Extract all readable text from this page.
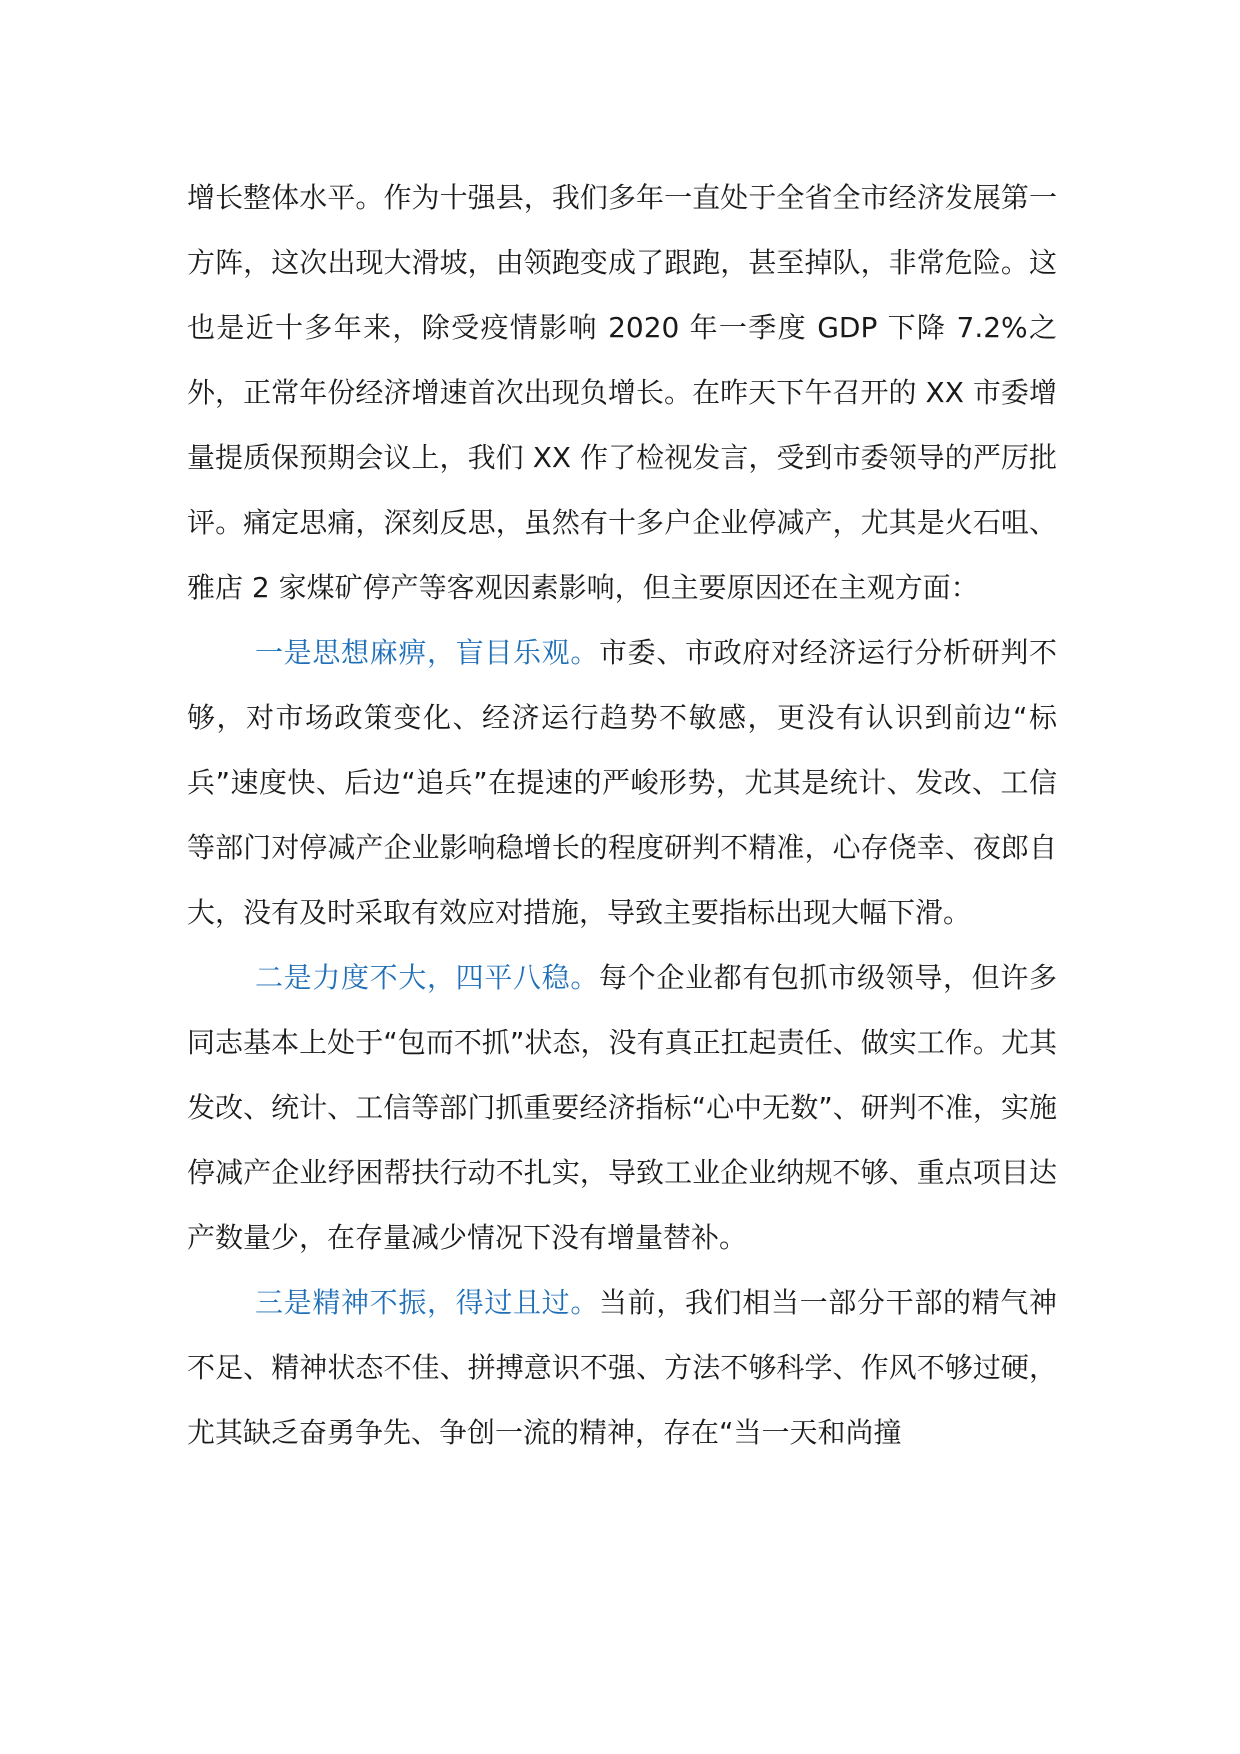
增长整体水平。作为十强县，我们多年一直处于全省全市经济发展第一方阵，这次出现大滑坡，由领跑变成了跟跑，甚至掉队，非常危险。这也是近十多年来，除受疫情影响 2020 年一季度 GDP 下降 7.2%之外，正常年份经济增速首次出现负增长。在昨天下午召开的 XX 市委增量提质保预期会议上，我们 XX 作了检视发言，受到市委领导的严厉批评。痛定思痛，深刻反思，虽然有十多户企业停减产，尤其是火石咀、雅店 2 家煤矿停产等客观因素影响，但主要原因还在主观方面：

一是思想麻痹，盲目乐观。市委、市政府对经济运行分析研判不够，对市场政策变化、经济运行趋势不敏感，更没有认识到前边“标兵”速度快、后边“追兵”在提速的严峻形势，尤其是统计、发改、工信等部门对停减产企业影响稳增长的程度研判不精准，心存侥幸、夜郎自大，没有及时采取有效应对措施，导致主要指标出现大幅下滑。

二是力度不大，四平八稳。每个企业都有包抓市级领导，但许多同志基本上处于“包而不抓”状态，没有真正扛起责任、做实工作。尤其发改、统计、工信等部门抓重要经济指标“心中无数”、研判不准，实施停减产企业纾困帮扶行动不扎实，导致工业企业纳规不够、重点项目达产数量少，在存量减少情况下没有增量替补。

三是精神不振，得过且过。当前，我们相当一部分干部的精气神不足、精神状态不佳、拼搏意识不强、方法不够科学、作风不够过硬，尤其缺乏奋勇争先、争创一流的精神，存在“当一天和尚撞
